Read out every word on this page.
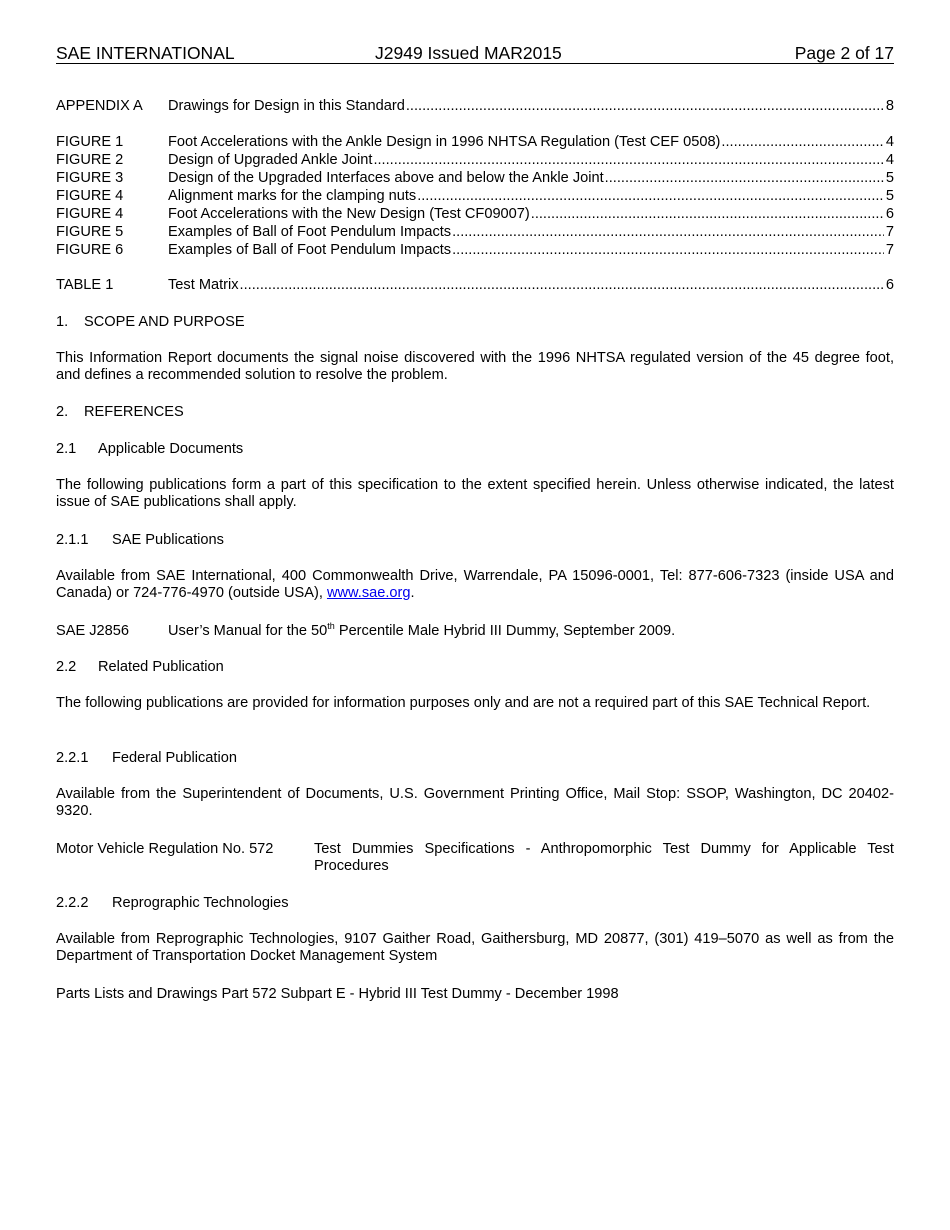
SAE INTERNATIONAL	J2949 Issued MAR2015	Page 2 of 17
APPENDIX A	Drawings for Design in this Standard .....	8
FIGURE 1	Foot Accelerations with the Ankle Design in 1996 NHTSA Regulation (Test CEF 0508) .....	4
FIGURE 2	Design of Upgraded Ankle Joint .....	4
FIGURE 3	Design of the Upgraded Interfaces above and below the Ankle Joint .....	5
FIGURE 4	Alignment marks for the clamping nuts .....	5
FIGURE 4	Foot Accelerations with the New Design (Test CF09007) .....	6
FIGURE 5	Examples of Ball of Foot Pendulum Impacts .....	7
FIGURE 6	Examples of Ball of Foot Pendulum Impacts .....	7
TABLE 1	Test Matrix .....	6
1. SCOPE AND PURPOSE
This Information Report documents the signal noise discovered with the 1996 NHTSA regulated version of the 45 degree foot, and defines a recommended solution to resolve the problem.
2. REFERENCES
2.1 Applicable Documents
The following publications form a part of this specification to the extent specified herein. Unless otherwise indicated, the latest issue of SAE publications shall apply.
2.1.1 SAE Publications
Available from SAE International, 400 Commonwealth Drive, Warrendale, PA 15096-0001, Tel: 877-606-7323 (inside USA and Canada) or 724-776-4970 (outside USA), www.sae.org.
SAE J2856	User’s Manual for the 50th Percentile Male Hybrid III Dummy, September 2009.
2.2 Related Publication
The following publications are provided for information purposes only and are not a required part of this SAE Technical Report.
2.2.1 Federal Publication
Available from the Superintendent of Documents, U.S. Government Printing Office, Mail Stop: SSOP, Washington, DC 20402-9320.
Motor Vehicle Regulation No. 572	Test Dummies Specifications - Anthropomorphic Test Dummy for Applicable Test Procedures
2.2.2 Reprographic Technologies
Available from Reprographic Technologies, 9107 Gaither Road, Gaithersburg, MD 20877, (301) 419–5070 as well as from the Department of Transportation Docket Management System
Parts Lists and Drawings Part 572 Subpart E - Hybrid III Test Dummy - December 1998
